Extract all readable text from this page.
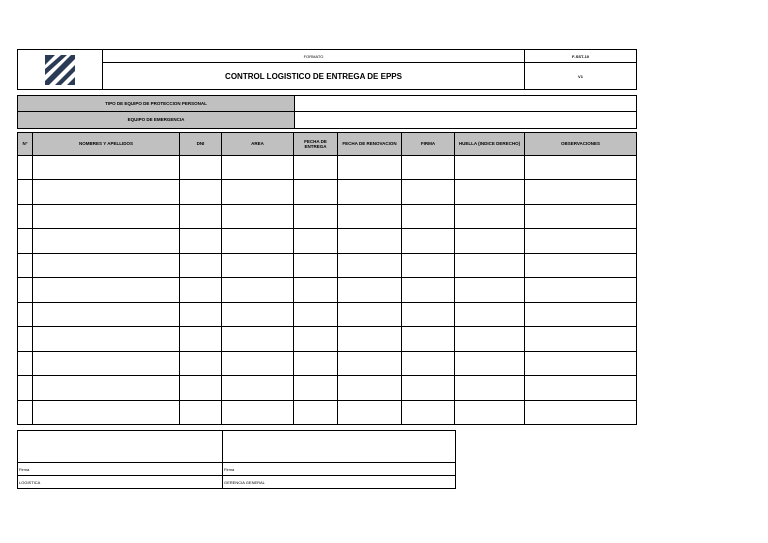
	FORMATO	F-SST-10
	CONTROL LOGISTICO DE ENTREGA DE EPPS	V1
TIPO DE EQUIPO DE PROTECCION PERSONAL	
EQUIPO DE EMERGENCIA	
N°	NOMBRES Y APELLIDOS	DNI	AREA	FECHA DE ENTREGA	FECHA DE RENOVACION	FIRMA	HUELLA (INDICE DERECHO)	OBSERVACIONES

Firma	Firma
LOGISTICA	GERENCIA GENERAL
